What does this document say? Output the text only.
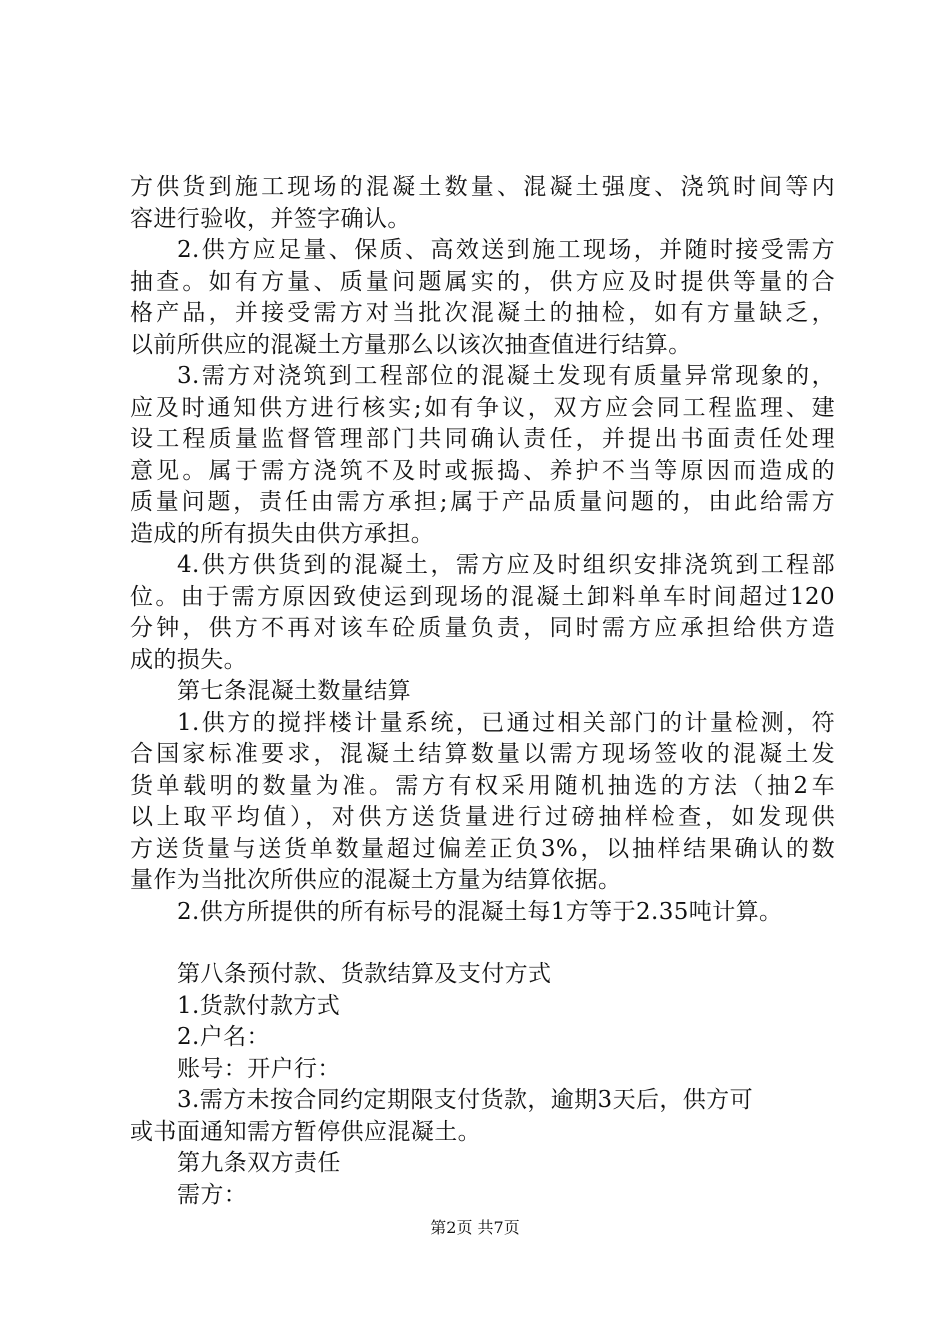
方供货到施工现场的混凝土数量、混凝土强度、浇筑时间等内
容进行验收，并签字确认。
2.供方应足量、保质、高效送到施工现场，并随时接受需方
抽查。如有方量、质量问题属实的，供方应及时提供等量的合
格产品，并接受需方对当批次混凝土的抽检，如有方量缺乏，
以前所供应的混凝土方量那么以该次抽查值进行结算。
3.需方对浇筑到工程部位的混凝土发现有质量异常现象的，
应及时通知供方进行核实;如有争议，双方应会同工程监理、建
设工程质量监督管理部门共同确认责任，并提出书面责任处理
意见。属于需方浇筑不及时或振捣、养护不当等原因而造成的
质量问题，责任由需方承担;属于产品质量问题的，由此给需方
造成的所有损失由供方承担。
4.供方供货到的混凝土，需方应及时组织安排浇筑到工程部
位。由于需方原因致使运到现场的混凝土卸料单车时间超过120
分钟，供方不再对该车砼质量负责，同时需方应承担给供方造
成的损失。
第七条混凝土数量结算
1.供方的搅拌楼计量系统，已通过相关部门的计量检测，符
合国家标准要求，混凝土结算数量以需方现场签收的混凝土发
货单载明的数量为准。需方有权采用随机抽选的方法（抽2车
以上取平均值），对供方送货量进行过磅抽样检查，如发现供
方送货量与送货单数量超过偏差正负3%，以抽样结果确认的数
量作为当批次所供应的混凝土方量为结算依据。
2.供方所提供的所有标号的混凝土每1方等于2.35吨计算。
第八条预付款、货款结算及支付方式
1.货款付款方式
2.户名：
账号：开户行：
3.需方未按合同约定期限支付货款，逾期3天后，供方可
或书面通知需方暂停供应混凝土。
第九条双方责任
需方：
第2页 共7页
